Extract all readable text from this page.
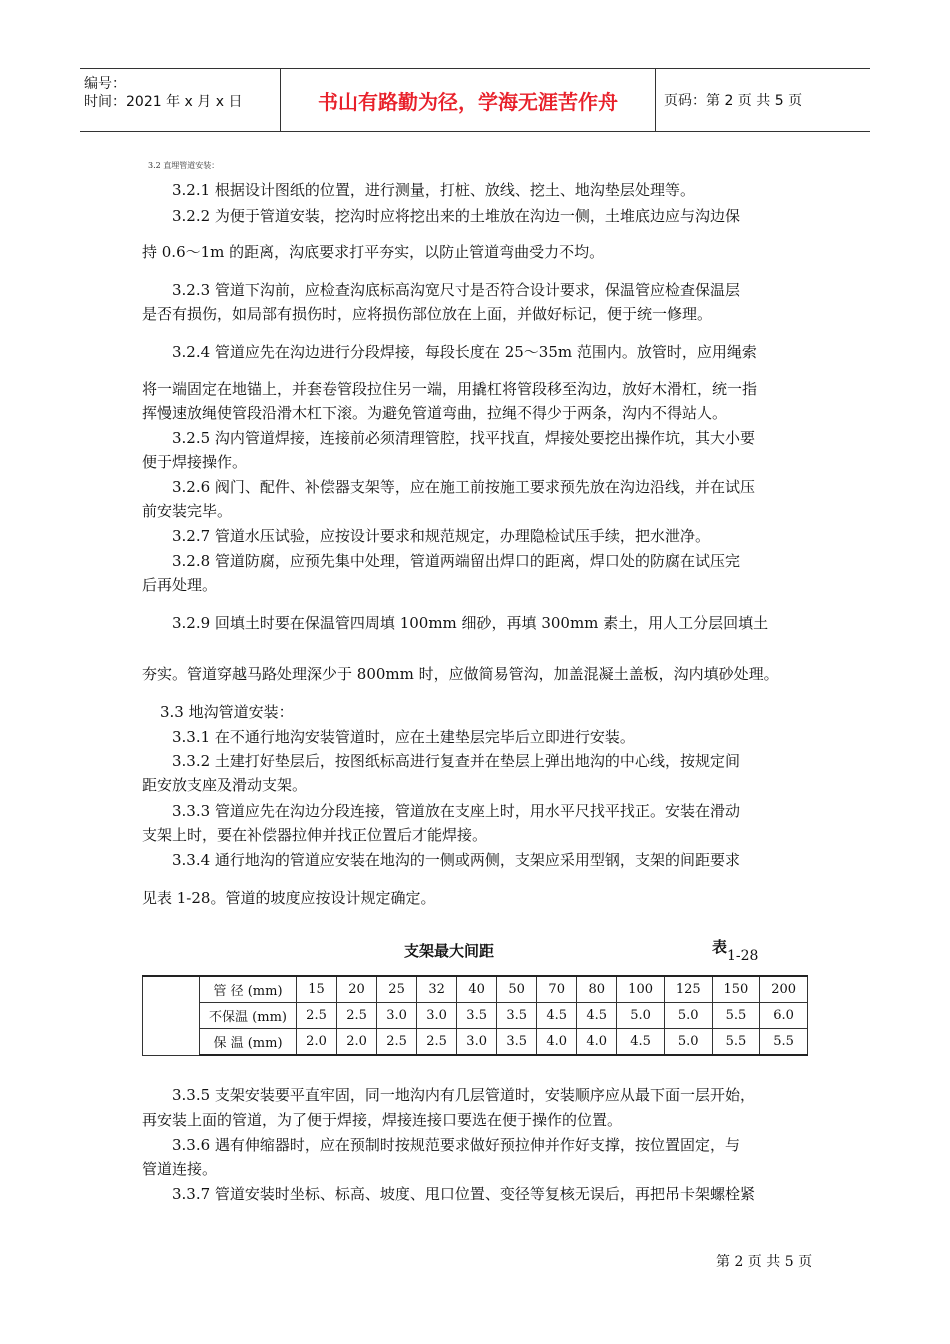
编号：
时间：2021 年 x 月 x 日	书山有路勤为径，学海无涯苦作舟	页码：第 2 页 共 5 页
3.2 直埋管道安装：
3.2.1 根据设计图纸的位置，进行测量，打桩、放线、挖土、地沟垫层处理等。
3.2.2 为便于管道安装，挖沟时应将挖出来的土堆放在沟边一侧，土堆底边应与沟边保
持 0.6～1m 的距离，沟底要求打平夯实，以防止管道弯曲受力不均。
3.2.3 管道下沟前，应检查沟底标高沟宽尺寸是否符合设计要求，保温管应检查保温层
是否有损伤，如局部有损伤时，应将损伤部位放在上面，并做好标记，便于统一修理。
3.2.4 管道应先在沟边进行分段焊接，每段长度在 25～35m 范围内。放管时，应用绳索
将一端固定在地锚上，并套卷管段拉住另一端，用撬杠将管段移至沟边，放好木滑杠，统一指
挥慢速放绳使管段沿滑木杠下滚。为避免管道弯曲，拉绳不得少于两条，沟内不得站人。
3.2.5 沟内管道焊接，连接前必须清理管腔，找平找直，焊接处要挖出操作坑，其大小要
便于焊接操作。
3.2.6 阀门、配件、补偿器支架等，应在施工前按施工要求预先放在沟边沿线，并在试压
前安装完毕。
3.2.7 管道水压试验，应按设计要求和规范规定，办理隐检试压手续，把水泄净。
3.2.8 管道防腐，应预先集中处理，管道两端留出焊口的距离，焊口处的防腐在试压完
后再处理。
3.2.9 回填土时要在保温管四周填 100mm 细砂，再填 300mm 素土，用人工分层回填土
夯实。管道穿越马路处理深少于 800mm 时，应做简易管沟，加盖混凝土盖板，沟内填砂处理。
3.3 地沟管道安装：
3.3.1 在不通行地沟安装管道时，应在土建垫层完毕后立即进行安装。
3.3.2 土建打好垫层后，按图纸标高进行复查并在垫层上弹出地沟的中心线，按规定间
距安放支座及滑动支架。
3.3.3 管道应先在沟边分段连接，管道放在支座上时，用水平尺找平找正。安装在滑动
支架上时，要在补偿器拉伸并找正位置后才能焊接。
3.3.4 通行地沟的管道应安装在地沟的一侧或两侧，支架应采用型钢，支架的间距要求
见表 1-28。管道的坡度应按设计规定确定。
支架最大间距	表1-28
	管 径 (mm)	15	20	25	32	40	50	70	80	100	125	150	200
	不保温 (mm)	2.5	2.5	3.0	3.0	3.5	3.5	4.5	4.5	5.0	5.0	5.5	6.0
	保 温 (mm)	2.0	2.0	2.5	2.5	3.0	3.5	4.0	4.0	4.5	5.0	5.5	5.5
3.3.5 支架安装要平直牢固，同一地沟内有几层管道时，安装顺序应从最下面一层开始，
再安装上面的管道，为了便于焊接，焊接连接口要选在便于操作的位置。
3.3.6 遇有伸缩器时，应在预制时按规范要求做好预拉伸并作好支撑，按位置固定，与
管道连接。
3.3.7 管道安装时坐标、标高、坡度、甩口位置、变径等复核无误后，再把吊卡架螺栓紧
第 2 页 共 5 页
